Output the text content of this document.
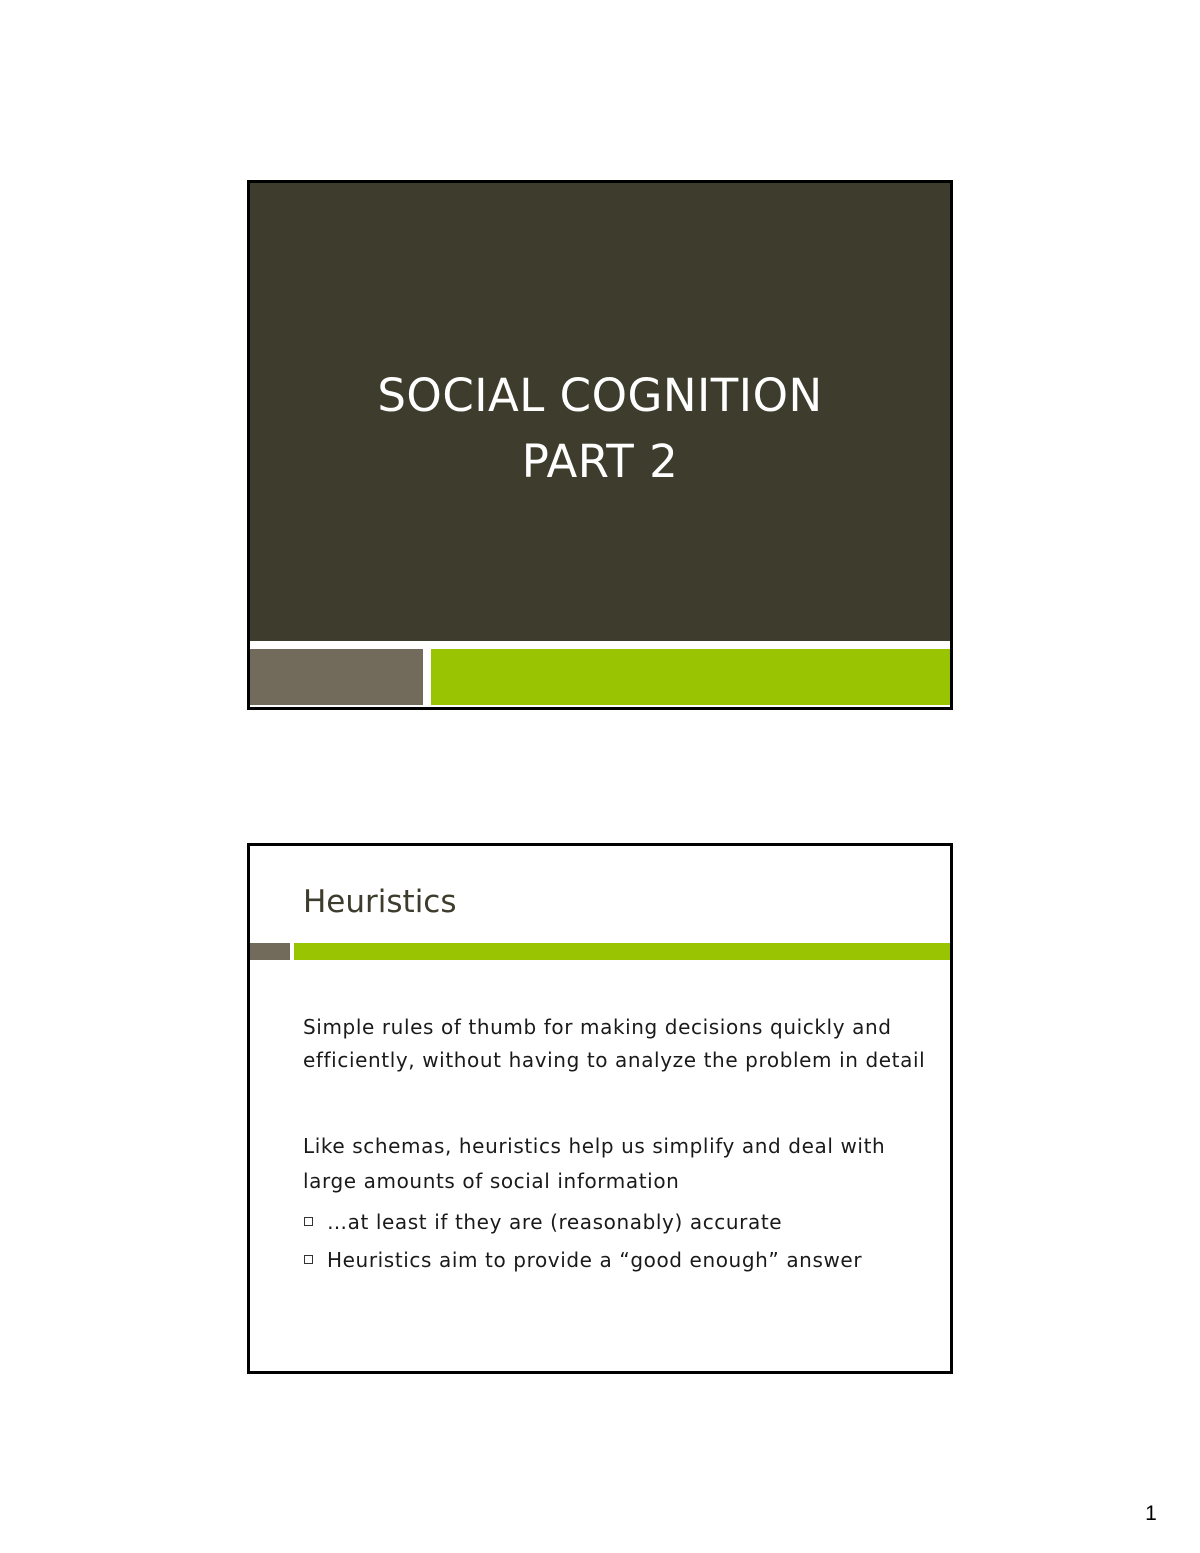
SOCIAL COGNITION
PART 2
Heuristics

Simple rules of thumb for making decisions quickly and efficiently, without having to analyze the problem in detail

Like schemas, heuristics help us simplify and deal with large amounts of social information

…at least if they are (reasonably) accurate
Heuristics aim to provide a “good enough” answer
1
